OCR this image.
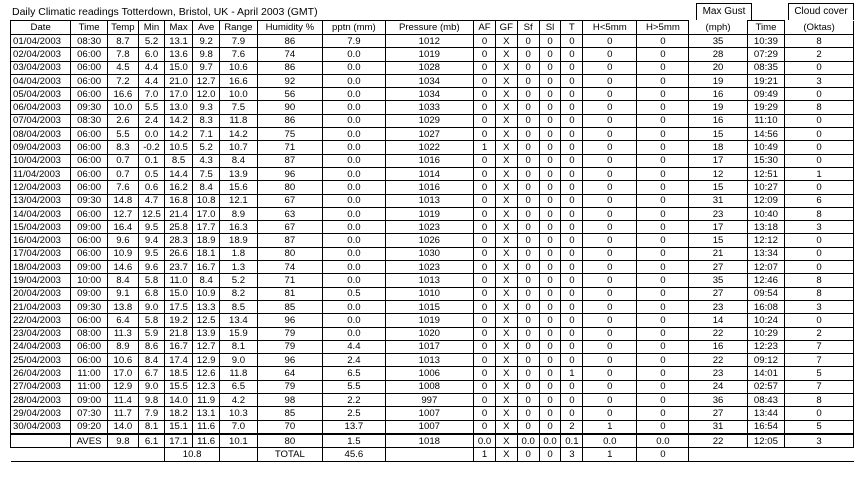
Daily Climatic readings Totterdown, Bristol, UK - April 2003 (GMT)	Max Gust	Cloud cover
Date	Time	Temp	Min	Max	Ave	Range	Humidity %	pptn (mm)	Pressure (mb)	AF	GF	Sf	Sl	T	H<5mm	H>5mm	(mph)	Time	(Oktas)
01/04/2003	08:30	8.7	5.2	13.1	9.2	7.9	86	7.9	1012	0	X	0	0	0	0	0	35	10:39	8
02/04/2003	06:00	7.8	6.0	13.6	9.8	7.6	74	0.0	1019	0	X	0	0	0	0	0	28	07:29	2
03/04/2003	06:00	4.5	4.4	15.0	9.7	10.6	86	0.0	1028	0	X	0	0	0	0	0	20	08:35	0
04/04/2003	06:00	7.2	4.4	21.0	12.7	16.6	92	0.0	1034	0	X	0	0	0	0	0	19	19:21	3
05/04/2003	06:00	16.6	7.0	17.0	12.0	10.0	56	0.0	1034	0	X	0	0	0	0	0	16	09:49	0
06/04/2003	09:30	10.0	5.5	13.0	9.3	7.5	90	0.0	1033	0	X	0	0	0	0	0	19	19:29	8
07/04/2003	08:30	2.6	2.4	14.2	8.3	11.8	86	0.0	1029	0	X	0	0	0	0	0	16	11:10	0
08/04/2003	06:00	5.5	0.0	14.2	7.1	14.2	75	0.0	1027	0	X	0	0	0	0	0	15	14:56	0
09/04/2003	06:00	8.3	-0.2	10.5	5.2	10.7	71	0.0	1022	1	X	0	0	0	0	0	18	10:49	0
10/04/2003	06:00	0.7	0.1	8.5	4.3	8.4	87	0.0	1016	0	X	0	0	0	0	0	17	15:30	0
11/04/2003	06:00	0.7	0.5	14.4	7.5	13.9	96	0.0	1014	0	X	0	0	0	0	0	12	12:51	1
12/04/2003	06:00	7.6	0.6	16.2	8.4	15.6	80	0.0	1016	0	X	0	0	0	0	0	15	10:27	0
13/04/2003	09:30	14.8	4.7	16.8	10.8	12.1	67	0.0	1013	0	X	0	0	0	0	0	31	12:09	6
14/04/2003	06:00	12.7	12.5	21.4	17.0	8.9	63	0.0	1019	0	X	0	0	0	0	0	23	10:40	8
15/04/2003	09:00	16.4	9.5	25.8	17.7	16.3	67	0.0	1023	0	X	0	0	0	0	0	17	13:18	3
16/04/2003	06:00	9.6	9.4	28.3	18.9	18.9	87	0.0	1026	0	X	0	0	0	0	0	15	12:12	0
17/04/2003	06:00	10.9	9.5	26.6	18.1	1.8	80	0.0	1030	0	X	0	0	0	0	0	21	13:34	0
18/04/2003	09:00	14.6	9.6	23.7	16.7	1.3	74	0.0	1023	0	X	0	0	0	0	0	27	12:07	0
19/04/2003	10:00	8.4	5.8	11.0	8.4	5.2	71	0.0	1013	0	X	0	0	0	0	0	35	12:46	8
20/04/2003	09:00	9.1	6.8	15.0	10.9	8.2	81	0.5	1010	0	X	0	0	0	0	0	27	09:54	8
21/04/2003	09:30	13.8	9.0	17.5	13.3	8.5	85	0.0	1015	0	X	0	0	0	0	0	23	16:08	3
22/04/2003	06:00	6.4	5.8	19.2	12.5	13.4	96	0.0	1019	0	X	0	0	0	0	0	14	10:24	0
23/04/2003	08:00	11.3	5.9	21.8	13.9	15.9	79	0.0	1020	0	X	0	0	0	0	0	22	10:29	2
24/04/2003	06:00	8.9	8.6	16.7	12.7	8.1	79	4.4	1017	0	X	0	0	0	0	0	16	12:23	7
25/04/2003	06:00	10.6	8.4	17.4	12.9	9.0	96	2.4	1013	0	X	0	0	0	0	0	22	09:12	7
26/04/2003	11:00	17.0	6.7	18.5	12.6	11.8	64	6.5	1006	0	X	0	0	1	0	0	23	14:01	5
27/04/2003	11:00	12.9	9.0	15.5	12.3	6.5	79	5.5	1008	0	X	0	0	0	0	0	24	02:57	7
28/04/2003	09:00	11.4	9.8	14.0	11.9	4.2	98	2.2	997	0	X	0	0	0	0	0	36	08:43	8
29/04/2003	07:30	11.7	7.9	18.2	13.1	10.3	85	2.5	1007	0	X	0	0	0	0	0	27	13:44	0
30/04/2003	09:20	14.0	8.1	15.1	11.6	7.0	70	13.7	1007	0	X	0	0	2	1	0	31	16:54	5
	AVES	9.8	6.1	17.1	11.6	10.1	80	1.5	1018	0.0	X	0.0	0.0	0.1	0.0	0.0	22	12:05	3
				10.8			TOTAL	45.6		1	X	0	0	3	1	0			
